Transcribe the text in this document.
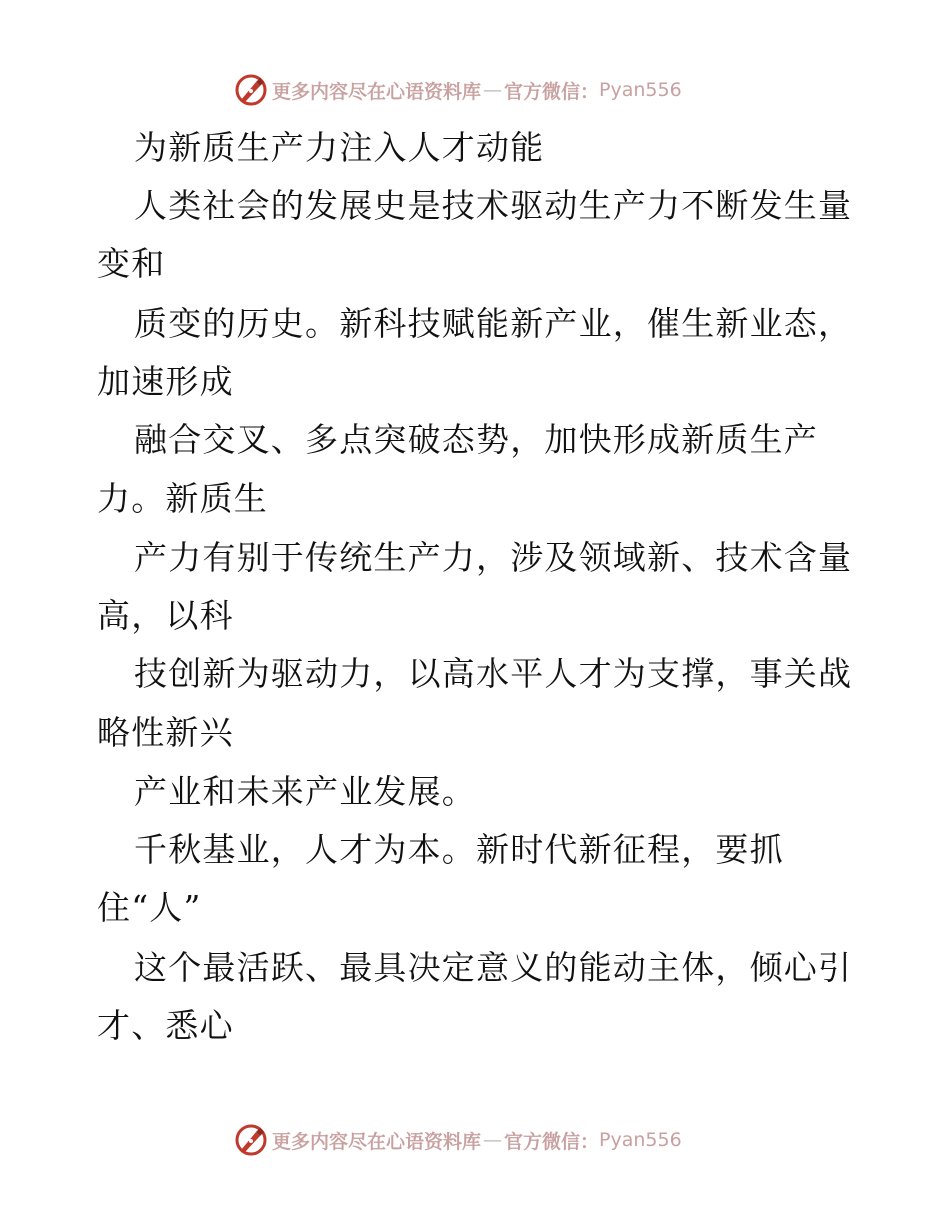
更多内容尽在心语资料库 — 官方微信： Pyan556
为新质生产力注入人才动能
人类社会的发展史是技术驱动生产力不断发生量
变和
质变的历史。新科技赋能新产业，催生新业态，
加速形成
融合交叉、多点突破态势，加快形成新质生产
力。新质生
产力有别于传统生产力，涉及领域新、技术含量
高，以科
技创新为驱动力，以高水平人才为支撑，事关战
略性新兴
产业和未来产业发展。
千秋基业，人才为本。新时代新征程，要抓
住“人”
这个最活跃、最具决定意义的能动主体，倾心引
才、悉心
更多内容尽在心语资料库 — 官方微信： Pyan556
